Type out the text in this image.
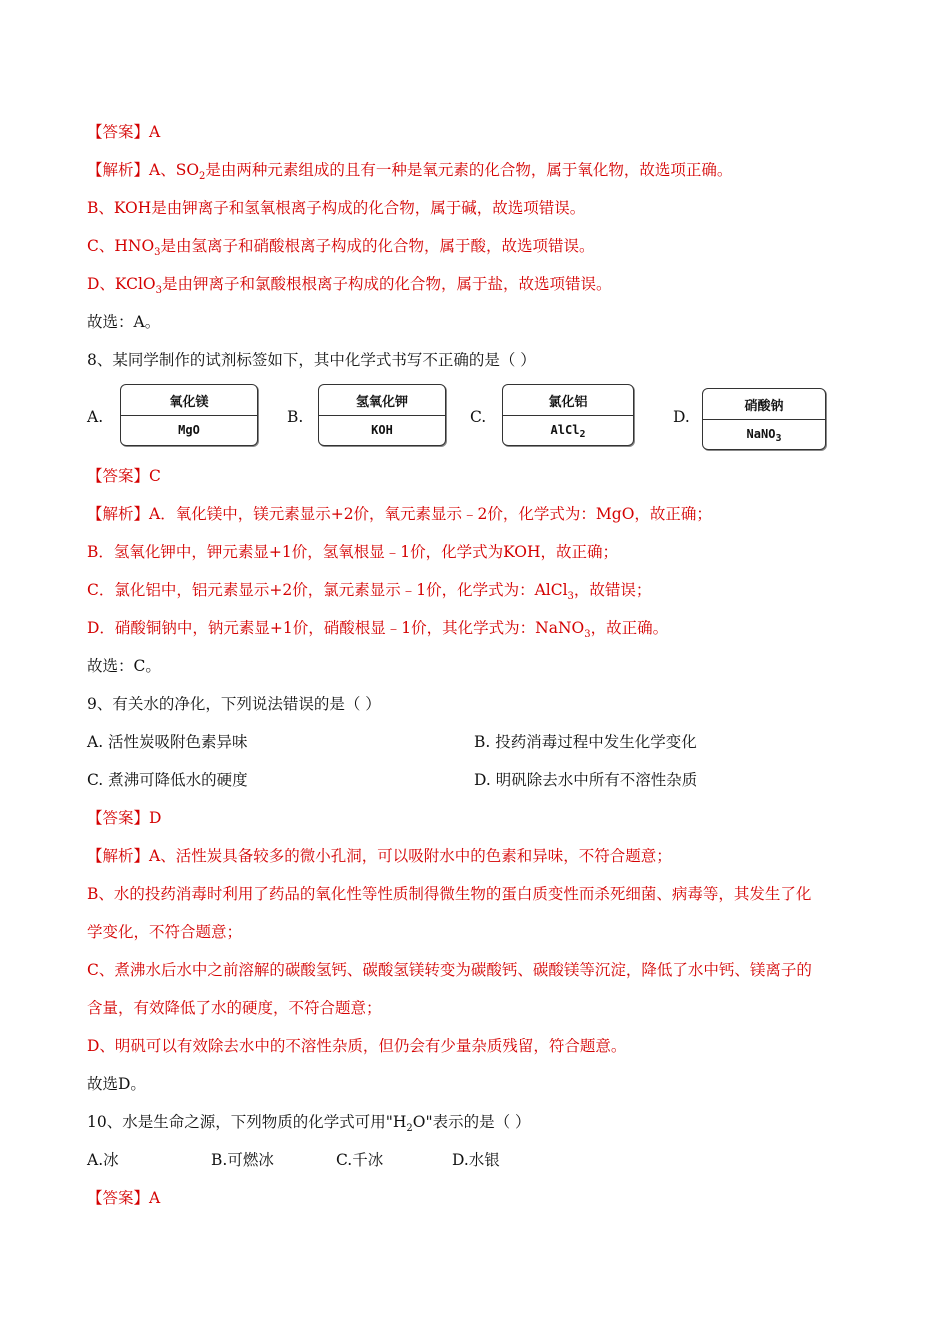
【答案】A
【解析】A、$SO_2$是由两种元素组成的且有一种是氧元素的化合物，属于氧化物，故选项正确。
B、KOH是由钾离子和氢氧根离子构成的化合物，属于碱，故选项错误。
C、$HNO_3$是由氢离子和硝酸根离子构成的化合物，属于酸，故选项错误。
D、KClO$_3$是由钾离子和氯酸根根离子构成的化合物，属于盐，故选项错误。
故选：A。
8、某同学制作的试剂标签如下，其中化学式书写不正确的是（ ）
A.
氧化镁
MgO
B.
氢氧化钾
KOH
C.
氯化铝
AlCl 2
D.
硝酸钠
NaNO 3
【答案】C
【解析】A．氧化镁中，镁元素显示+2价，氧元素显示﹣2价，化学式为：MgO，故正确；
B．氢氧化钾中，钾元素显+1价，氢氧根显﹣1价，化学式为KOH，故正确；
C．氯化铝中，铝元素显示+2价，氯元素显示﹣1价，化学式为：AlCl$_3$，故错误；
D．硝酸铜钠中，钠元素显+1价，硝酸根显﹣1价，其化学式为：NaNO$_3$，故正确。
故选：C。
9、有关水的净化，下列说法错误的是（ ）
A. 活性炭吸附色素异味	B. 投药消毒过程中发生化学变化
C. 煮沸可降低水的硬度	D. 明矾除去水中所有不溶性杂质
【答案】D
【解析】A、活性炭具备较多的微小孔洞，可以吸附水中的色素和异味，不符合题意；
B、水的投药消毒时利用了药品的氧化性等性质制得微生物的蛋白质变性而杀死细菌、病毒等，其发生了化
学变化，不符合题意；
C、煮沸水后水中之前溶解的碳酸氢钙、碳酸氢镁转变为碳酸钙、碳酸镁等沉淀，降低了水中钙、镁离子的
含量，有效降低了水的硬度，不符合题意；
D、明矾可以有效除去水中的不溶性杂质，但仍会有少量杂质残留，符合题意。
故选D。
10、水是生命之源，下列物质的化学式可用"$H_2O$"表示的是（ ）
A.冰	B.可燃冰	C.千冰	D.水银
【答案】A
